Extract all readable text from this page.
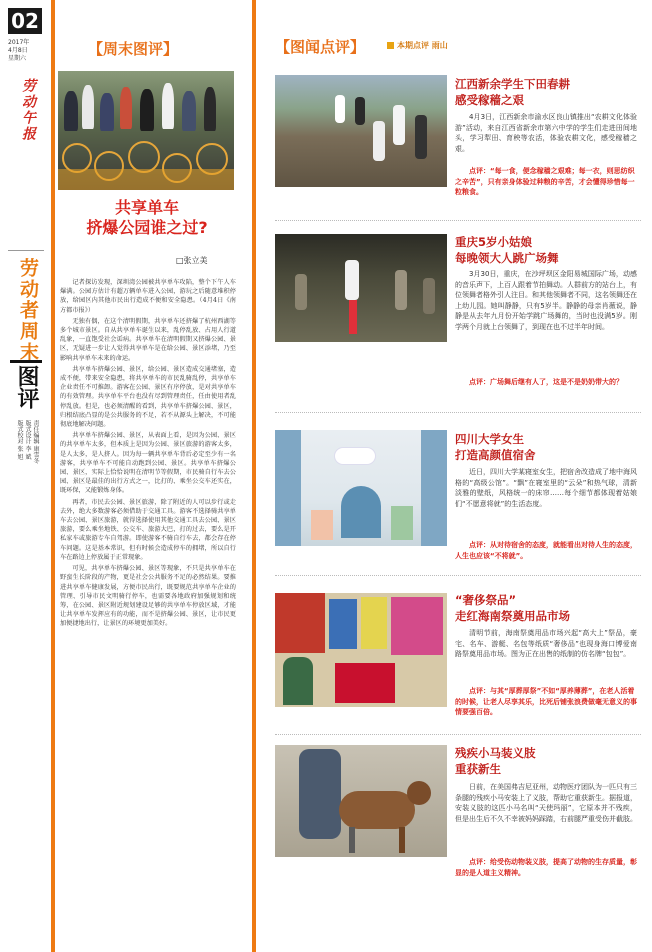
02
2017年
4月8日
星期六
劳动午报
劳动者周末
图评
责任编辑 康雪冬
版式设计 李 斌
版式校对 张 旭
【周末图评】
共享单车
挤爆公园谁之过?
□张立美

记者探访发现，深圳湾公园被共享单车攻陷，整个下午人车爆满。公园方估计有超万辆单车进入公园，游玩之后随意堆积停放，给园区内其他市民出行造成不便和安全隐患。（4月4日《南方都市报》）

无独有偶，在这个清明假期，共享单车还挤爆了杭州西湖等多个城市景区。自从共享单车诞生以来，乱停乱放、占用人行道乱象，一直饱受社会诟病。共享单车在清明假期又挤爆公园、景区，无疑进一步让人觉得共享单车是在给公园、景区添堵，乃至影响共享单车未来的命运。

共享单车挤爆公园、景区，给公园、景区造成交通堵塞，造成不便，带来安全隐患，将共享单车的市民乱骑乱停，共享单车企业责任不可推卸。游客在公园、景区有序停放，是对共享单车的有效管理。共享单车平台也没有尽到管理责任，任由使用者乱停乱放。但是，也必须清醒的看到，共享单车挤爆公园、景区，归根结底凸显的是公共服务的不足，若不从源头上解决，不可能彻底地解决问题。

共享单车挤爆公园、景区，从表面上看，是因为公园、景区的共享单车太多，但本质上是因为公园、景区旅游的游客太多，是人太多，是人挤人。因为每一辆共享单车背后必定至少有一名游客，共享单车不可能自动跑到公园、景区。共享单车挤爆公园、景区，实际上恰恰说明在清明节等假期，市民骑自行车去公园、景区是最佳的出行方式之一，比打的、乘坐公交车还实在，既环保，又能锻炼身体。

再者，市民去公园、景区旅游，除了附近的人可以步行或走去外，绝大多数游客必须借助于交通工具。游客不选择骑共享单车去公园、景区旅游，就得选择使用其他交通工具去公园、景区旅游，要么乘坐地铁、公交车、旅游大巴，打的过去，要么是开私家车或旅游专车自驾游。即使游客不骑自行车去，都会存在停车问题。这是基本常识，但有时候会造成停车的拥堵，所以自行车在路边上停放属于正常现象。

可见，共享单车挤爆公园、景区等现象，不只是共享单车在野蛮生长阶段的产物，更是社会公共服务不足的必然结果。要推进共享单车健康发展，方便市民出行，既要规范共享单车企业的管理、引导市民文明骑行停车，也需要各地政府加强规划和统筹，在公园、景区附近规划建设足够的共享单车停放区域，才能让共享单车发挥应有的功能，而不是挤爆公园、景区，让市民更加便捷地出行，让景区的环境更加美好。

【图闻点评】	本期点评 雨山
江西新余学生下田春耕
感受稼穑之艰
4月3日，江西新余市渝水区良山镇推出“农耕文化体验游”活动，来自江西省新余市第六中学的学生们走进田间地头，学习犁田、育秧等农活，体验农耕文化，感受稼穑之艰。
点评：“每一食，便念稼穑之艰难；每一衣，则思纺织之辛苦”，只有亲身体验过种粮的辛苦，才会懂得珍惜每一粒粮食。
重庆5岁小姑娘
每晚领大人跳广场舞
3月30日，重庆，在沙坪坝区金阳易城国际广场，动感的音乐声下，上百人跟着节拍舞动。人群前方的站台上，有位领舞者格外引人注目。和其他领舞者不同，这名领舞还在上幼儿园。她叫静静，只有5岁半。静静的母亲肖薇说，静静是从去年九月份开始学跳广场舞的，当时也没满5岁。刚学两个月就上台领舞了，到现在也不过半年时间。
点评：广场舞后继有人了，这是不是奶奶带大的？
四川大学女生
打造高颜值宿舍
近日，四川大学某寝室女生，把宿舍改造成了地中海风格的“高级公馆”。“飘”在寝室里的“云朵”和热气球，清新淡雅的壁纸，风格统一的床帘……每个细节都体现着姑娘们“不愿意将就”的生活态度。
点评：从对待宿舍的态度，就能看出对待人生的态度，人生也应该“不将就”。
“奢侈祭品”
走红海南祭奠用品市场
清明节前，海南祭奠用品市场兴起“高大上”祭品，豪宅、名车、游艇、名包等纸质“奢侈品”也现身海口博爱南路祭奠用品市场。图为正在出售的纸制的仿名牌“包包”。
点评：与其“厚葬厚祭”不如“厚养薄葬”，在老人活着的时候，让老人尽享其乐，比死后铺张浪费做毫无意义的事情要强百倍。
残疾小马装义肢
重获新生
日前，在美国弗吉尼亚州，动物医疗团队为一匹只有三条腿的残疾小马安装上了义肢，帮助它重获新生。据报道，安装义肢的这匹小马名叫“天使玛丽”，它原本并不残疾，但是出生后不久不幸被妈妈踩踏，右前腿严重受伤并截肢。
点评：给受伤动物装义肢，提高了动物的生存质量，彰显的是人道主义精神。
